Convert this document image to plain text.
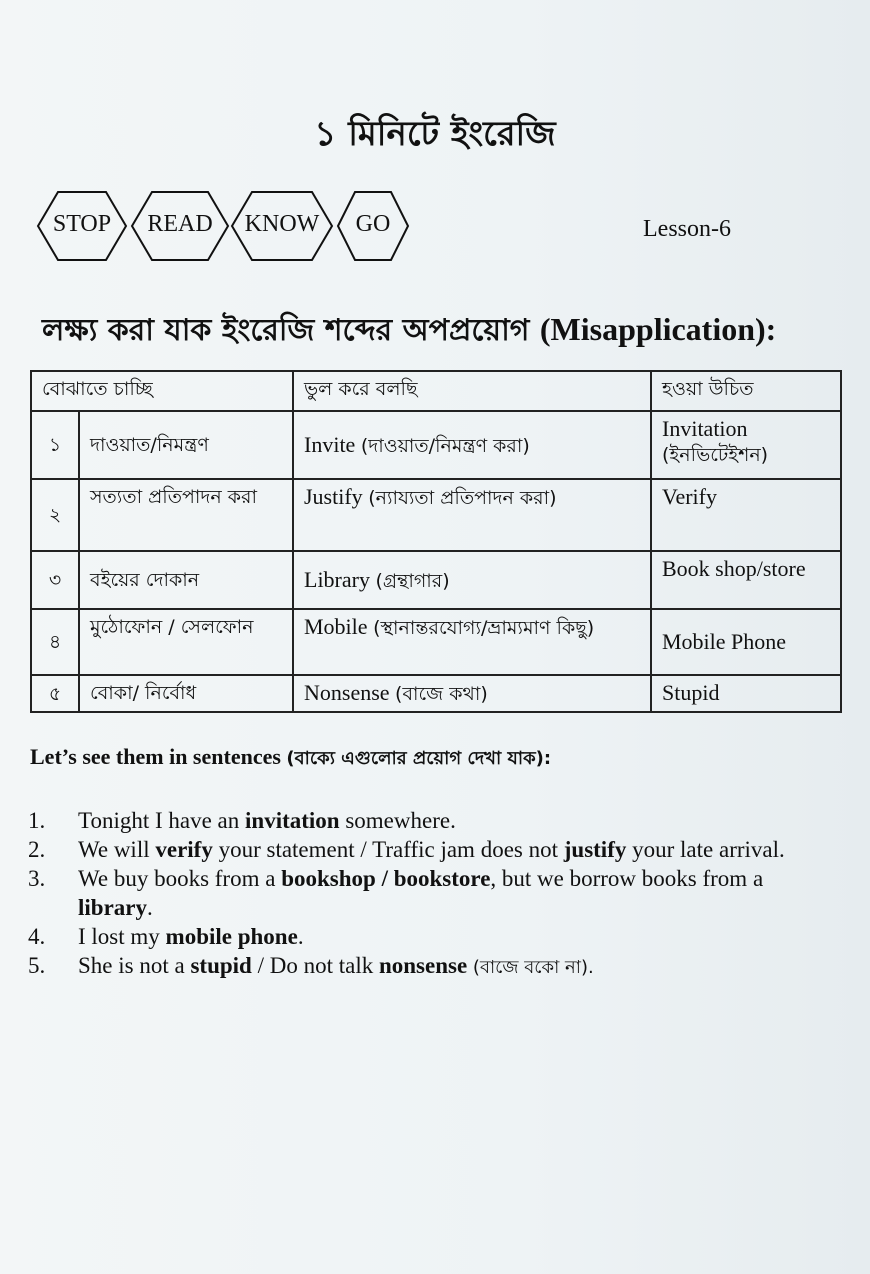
১ মিনিটে ইংরেজি
STOP	READ	KNOW	GO	Lesson-6
লক্ষ্য করা যাক ইংরেজি শব্দের অপপ্রয়োগ (Misapplication):
বোঝাতে চাচ্ছি		ভুল করে বলছি	হওয়া উচিত
১	দাওয়াত/নিমন্ত্রণ	Invite (দাওয়াত/নিমন্ত্রণ করা)	Invitation
(ইনভিটেইশন)

২	সত্যতা প্রতিপাদন করা	Justify (ন্যায্যতা প্রতিপাদন করা)	Verify

৩	বইয়ের দোকান	Library (গ্রন্থাগার)	Book shop/store

৪	মুঠোফোন / সেলফোন	Mobile (স্থানান্তরযোগ্য/ভ্রাম্যমাণ কিছু)	Mobile Phone

৫	বোকা/ নির্বোধ	Nonsense (বাজে কথা)	Stupid
Let’s see them in sentences (বাক্যে এগুলোর প্রয়োগ দেখা যাক):
1. Tonight I have an invitation somewhere.
2. We will verify your statement / Traffic jam does not justify your late arrival.
3. We buy books from a bookshop / bookstore, but we borrow books from a library.
4. I lost my mobile phone.
5. She is not a stupid / Do not talk nonsense (বাজে বকো না).
